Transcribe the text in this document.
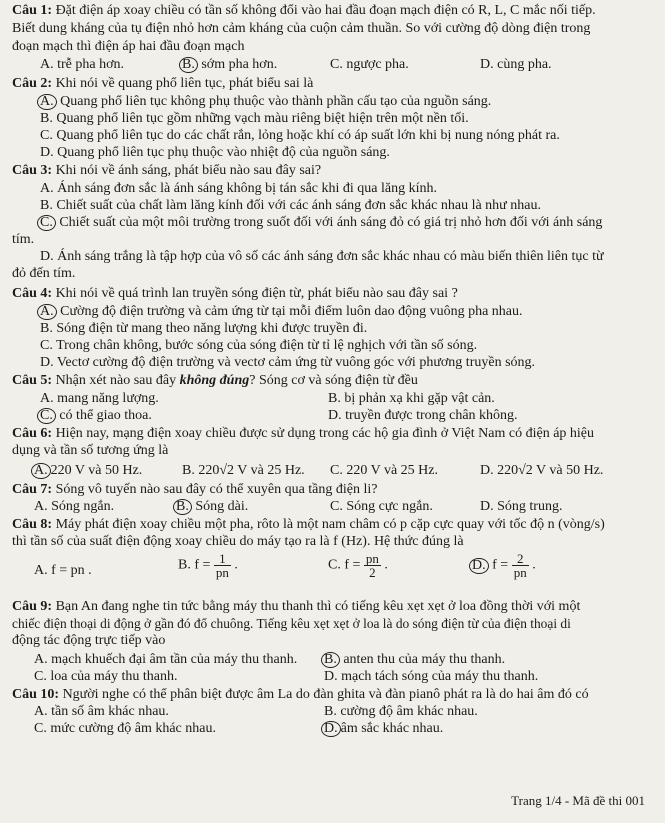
Câu 1: Đặt điện áp xoay chiều có tần số không đổi vào hai đầu đoạn mạch điện có R, L, C mắc nối tiếp.
Biết dung kháng của tụ điện nhỏ hơn cảm kháng của cuộn cảm thuần. So với cường độ dòng điện trong
đoạn mạch thì điện áp hai đầu đoạn mạch
A. trễ pha hơn.	B. sớm pha hơn.	C. ngược pha.	D. cùng pha.
Câu 2: Khi nói về quang phổ liên tục, phát biểu sai là
A. Quang phổ liên tục không phụ thuộc vào thành phần cấu tạo của nguồn sáng.
B. Quang phổ liên tục gồm những vạch màu riêng biệt hiện trên một nền tối.
C. Quang phổ liên tục do các chất rắn, lỏng hoặc khí có áp suất lớn khi bị nung nóng phát ra.
D. Quang phổ liên tục phụ thuộc vào nhiệt độ của nguồn sáng.
Câu 3: Khi nói về ánh sáng, phát biểu nào sau đây sai?
A. Ánh sáng đơn sắc là ánh sáng không bị tán sắc khi đi qua lăng kính.
B. Chiết suất của chất làm lăng kính đối với các ánh sáng đơn sắc khác nhau là như nhau.
C. Chiết suất của một môi trường trong suốt đối với ánh sáng đỏ có giá trị nhỏ hơn đối với ánh sáng
tím.
D. Ánh sáng trắng là tập hợp của vô số các ánh sáng đơn sắc khác nhau có màu biến thiên liên tục từ
đỏ đến tím.
Câu 4: Khi nói về quá trình lan truyền sóng điện từ, phát biểu nào sau đây sai ?
A. Cường độ điện trường và cảm ứng từ tại mỗi điểm luôn dao động vuông pha nhau.
B. Sóng điện từ mang theo năng lượng khi được truyền đi.
C. Trong chân không, bước sóng của sóng điện từ tỉ lệ nghịch với tần số sóng.
D. Vectơ cường độ điện trường và vectơ cảm ứng từ vuông góc với phương truyền sóng.
Câu 5: Nhận xét nào sau đây không đúng? Sóng cơ và sóng điện từ đều
A. mang năng lượng.	B. bị phản xạ khi gặp vật cản.
C. có thể giao thoa.	D. truyền được trong chân không.
Câu 6: Hiện nay, mạng điện xoay chiều được sử dụng trong các hộ gia đình ở Việt Nam có điện áp hiệu
dụng và tần số tương ứng là
A. 220 V và 50 Hz.	B. 220√2 V và 25 Hz. C. 220 V và 25 Hz.	D. 220√2 V và 50 Hz.
Câu 7: Sóng vô tuyến nào sau đây có thể xuyên qua tầng điện li?
A. Sóng ngắn.	B. Sóng dài.	C. Sóng cực ngắn.	D. Sóng trung.
Câu 8: Máy phát điện xoay chiều một pha, rôto là một nam châm có p cặp cực quay với tốc độ n (vòng/s)
thì tần số của suất điện động xoay chiều do máy tạo ra là f (Hz). Hệ thức đúng là
A. f = pn .	B. $f = \frac{1}{pn}$ .	C. $f = \frac{pn}{2}$ .	D. $f = \frac{2}{pn}$ .
Câu 9: Bạn An đang nghe tin tức bằng máy thu thanh thì có tiếng kêu xẹt xẹt ở loa đồng thời với một
chiếc điện thoại di động ở gần đó đổ chuông. Tiếng kêu xẹt xẹt ở loa là do sóng điện từ của điện thoại di
động tác động trực tiếp vào
A. mạch khuếch đại âm tần của máy thu thanh. B. anten thu của máy thu thanh.
C. loa của máy thu thanh.	D. mạch tách sóng của máy thu thanh.
Câu 10: Người nghe có thể phân biệt được âm La do đàn ghita và đàn pianô phát ra là do hai âm đó có
A. tần số âm khác nhau.	B. cường độ âm khác nhau.
C. mức cường độ âm khác nhau.	D. âm sắc khác nhau.
Trang 1/4 - Mã đề thi 001
